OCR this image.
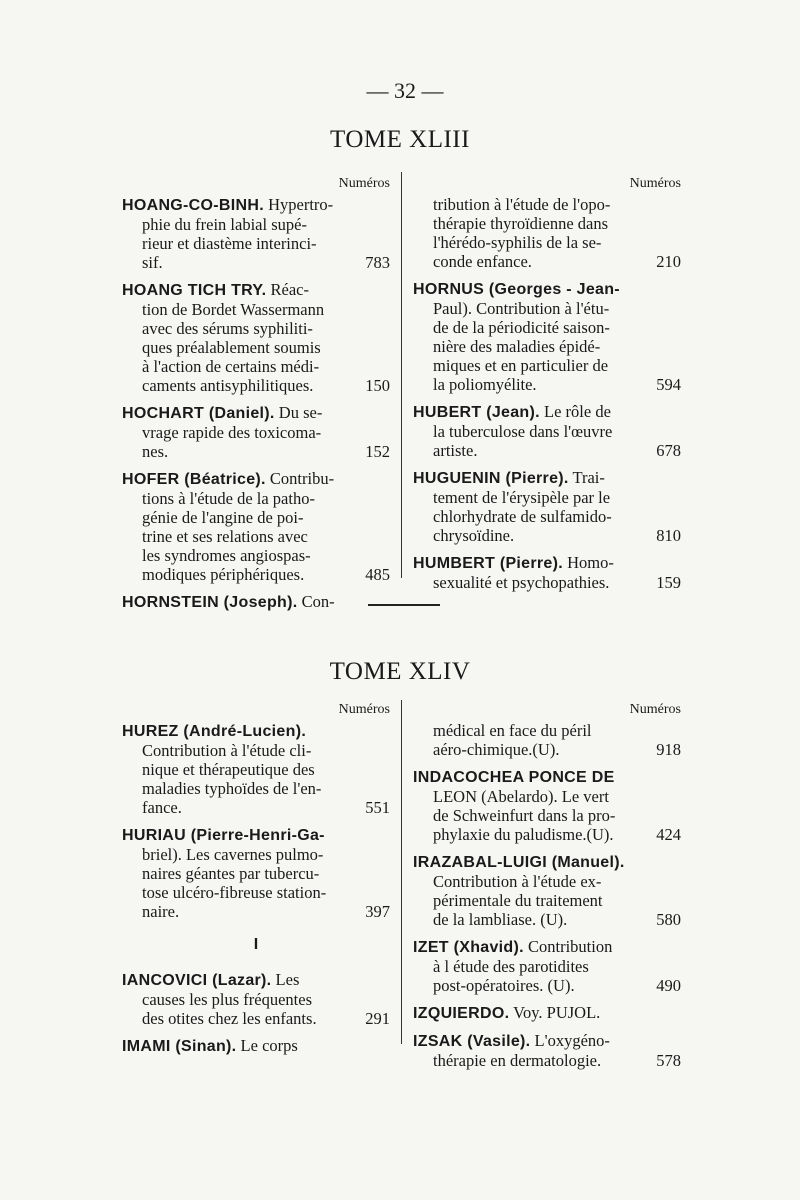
— 32 —
TOME XLIII
Numéros
HOANG-CO-BINH. Hypertro-
phie du frein labial supé-
rieur et diastème interinci-
sif.	783
HOANG TICH TRY. Réac-
tion de Bordet Wassermann
avec des sérums syphiliti-
ques préalablement soumis
à l'action de certains médi-
caments antisyphilitiques.	150
HOCHART (Daniel). Du se-
vrage rapide des toxicoma-
nes.	152
HOFER (Béatrice). Contribu-
tions à l'étude de la patho-
génie de l'angine de poi-
trine et ses relations avec
les syndromes angiospas-
modiques périphériques.	485
HORNSTEIN (Joseph). Con-
Numéros
tribution à l'étude de l'opo-
thérapie thyroïdienne dans
l'hérédo-syphilis de la se-
conde enfance.	210
HORNUS (Georges - Jean-
Paul). Contribution à l'étu-
de de la périodicité saison-
nière des maladies épidé-
miques et en particulier de
la poliomyélite.	594
HUBERT (Jean). Le rôle de
la tuberculose dans l'œuvre
artiste.	678
HUGUENIN (Pierre). Trai-
tement de l'érysipèle par le
chlorhydrate de sulfamido-
chrysoïdine.	810
HUMBERT (Pierre). Homo-
sexualité et psychopathies.	159
TOME XLIV
Numéros
HUREZ (André-Lucien).
Contribution à l'étude cli-
nique et thérapeutique des
maladies typhoïdes de l'en-
fance.	551
HURIAU (Pierre-Henri-Ga-
briel). Les cavernes pulmo-
naires géantes par tubercu-
tose ulcéro-fibreuse station-
naire.	397
I
IANCOVICI (Lazar). Les
causes les plus fréquentes
des otites chez les enfants.	291
IMAMI (Sinan). Le corps
Numéros
médical en face du péril
aéro-chimique.(U).	918
INDACOCHEA PONCE DE
LEON (Abelardo). Le vert
de Schweinfurt dans la pro-
phylaxie du paludisme.(U).	424
IRAZABAL-LUIGI (Manuel).
Contribution à l'étude ex-
périmentale du traitement
de la lambliase. (U).	580
IZET (Xhavid). Contribution
à l étude des parotidites
post-opératoires. (U).	490
IZQUIERDO. Voy. PUJOL.
IZSAK (Vasile). L'oxygéno-
thérapie en dermatologie.	578
